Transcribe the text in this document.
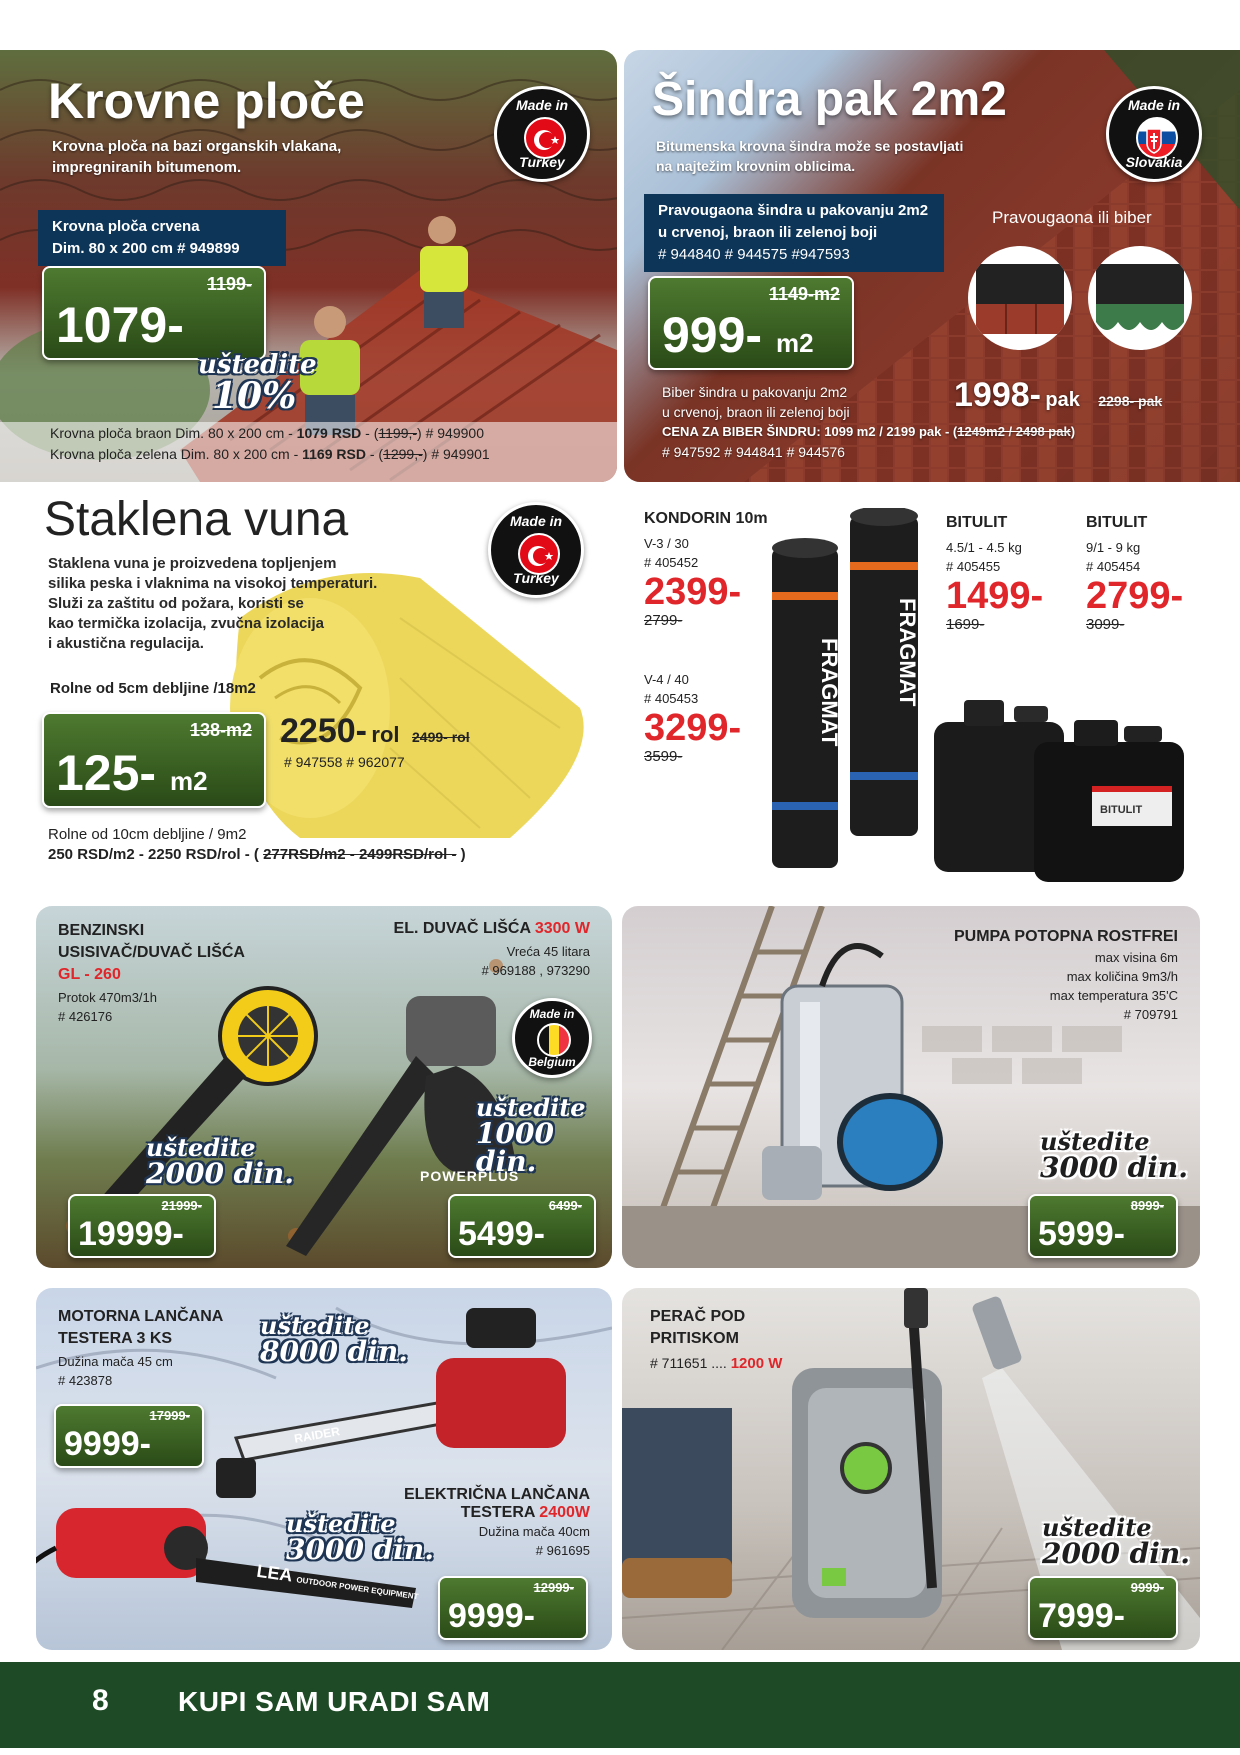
Krovne ploče
Krovna ploča na bazi organskih vlakana,
impregniranih bitumenom.
Krovna ploča crvena
Dim. 80 x 200 cm # 949899
1199-
1079-
uštedite
10%
Krovna ploča braon Dim. 80 x 200 cm - 1079 RSD - (1199,-) # 949900
Krovna ploča zelena Dim. 80 x 200 cm - 1169 RSD - (1299,-) # 949901
Made in
Turkey
Šindra pak 2m2
Bitumenska krovna šindra može se postavljati
na najtežim krovnim oblicima.
Pravougaona šindra u pakovanju 2m2
u crvenoj, braon ili zelenoj boji
# 944840 # 944575 #947593
1149-m2
999- m2
Pravougaona ili biber
1998- pak 2298- pak
Biber šindra u pakovanju 2m2
u crvenoj, braon ili zelenoj boji
CENA ZA BIBER ŠINDRU: 1099 m2 / 2199 pak - (1249m2 / 2498 pak)
# 947592 # 944841 # 944576
Made in
Slovakia
Staklena vuna
Staklena vuna je proizvedena topljenjem
silika peska i vlaknima na visokoj temperaturi.
Služi za zaštitu od požara, koristi se
kao termička izolacija, zvučna izolacija
i akustična regulacija.
Rolne od 5cm debljine /18m2
138-m2
125- m2
2250- rol 2499- rol
# 947558 # 962077
Rolne od 10cm debljine / 9m2
250 RSD/m2 - 2250 RSD/rol - ( 277RSD/m2 - 2499RSD/rol - )
Made in
Turkey
FRAGMAT FRAGMAT
KONDORIN 10m
V-3 / 30
# 405452
2399-
2799-
V-4 / 40
# 405453
3299-
3599-
BITULIT
4.5/1 - 4.5 kg
# 405455
1499-
1699-
BITULIT
9/1 - 9 kg
# 405454
2799-
3099-
BITULIT
BENZINSKI
USISIVAČ/DUVAČ LIŠĆA
GL - 260
Protok 470m3/1h
# 426176
EL. DUVAČ LIŠĆA 3300 W
Vreća 45 litara
# 969188 , 973290
uštedite
2000 din.
uštedite
1000 din.
POWERPLUS
21999-
19999-
6499-
5499-
Made in
Belgium
PUMPA POTOPNA ROSTFREI
max visina 6m
max količina 9m3/h
max temperatura 35'C
# 709791
uštedite
3000 din.
8999-
5999-
MOTORNA LANČANA
TESTERA 3 KS
Dužina mača 45 cm
# 423878
uštedite
8000 din.
RAIDER
17999-
9999-
ELEKTRIČNA LANČANA
TESTERA 2400W
Dužina mača 40cm
# 961695
uštedite
3000 din.
LEA OUTDOOR POWER EQUIPMENT	12999-
9999-
PERAČ POD
PRITISKOM
# 711651 .... 1200 W
uštedite
2000 din.
9999-
7999-
8 KUPI SAM URADI SAM
